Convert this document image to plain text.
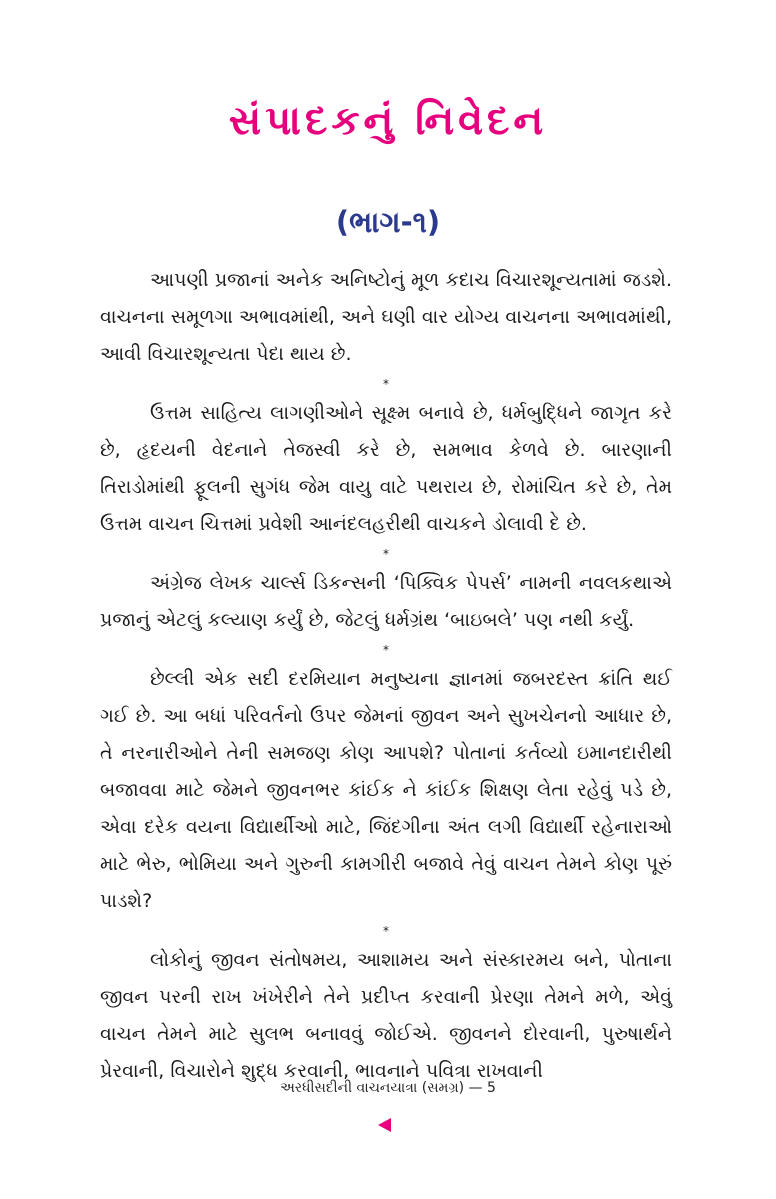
સંપાદકનું નિવેદન
(ભાગ-૧)

આપણી પ્રજાનાં અનેક અનિષ્ટોનું મૂળ કદાચ વિચારશૂન્યતામાં જડશે. વાચનના સમૂળગા અભાવમાંથી, અને ઘણી વાર યોગ્ય વાચનના અભાવમાંથી, આવી વિચારશૂન્યતા પેદા થાય છે.

*

ઉત્તમ સાહિત્ય લાગણીઓને સૂક્ષ્મ બનાવે છે, ધર્મબુદ્ધિને જાગૃત કરે છે, હૃદયની વેદનાને તેજસ્વી કરે છે, સમભાવ કેળવે છે. બારણાની તિરાડોમાંથી ફૂલની સુગંધ જેમ વાયુ વાટે પથરાય છે, રોમાંચિત કરે છે, તેમ ઉત્તમ વાચન ચિત્તમાં પ્રવેશી આનંદલહરીથી વાચકને ડોલાવી દે છે.

*

અંગ્રેજ લેખક ચાર્લ્સ ડિકન્સની ‘પિક્વિક પેપર્સ’ નામની નવલકથાએ પ્રજાનું એટલું કલ્યાણ કર્યું છે, જેટલું ધર્મગ્રંથ ‘બાઇબલે’ પણ નથી કર્યું.

*

છેલ્લી એક સદી દરમિયાન મનુષ્યના જ્ઞાનમાં જબરદસ્ત ક્રાંતિ થઈ ગઈ છે. આ બધાં પરિવર્તનો ઉપર જેમનાં જીવન અને સુખચેનનો આધાર છે, તે નરનારીઓને તેની સમજણ કોણ આપશે? પોતાનાં કર્તવ્યો ઇમાનદારીથી બજાવવા માટે જેમને જીવનભર કાંઈક ને કાંઈક શિક્ષણ લેતા રહેવું પડે છે, એવા દરેક વયના વિદ્યાર્થીઓ માટે, જિંદગીના અંત લગી વિદ્યાર્થી રહેનારાઓ માટે ભેરુ, ભોમિયા અને ગુરુની કામગીરી બજાવે તેવું વાચન તેમને કોણ પૂરું પાડશે?

*

લોકોનું જીવન સંતોષમય, આશામય અને સંસ્કારમય બને, પોતાના જીવન પરની રાખ ખંખેરીને તેને પ્રદીપ્ત કરવાની પ્રેરણા તેમને મળે, એવું વાચન તેમને માટે સુલભ બનાવવું જોઈએ. જીવનને દોરવાની, પુરુષાર્થને પ્રેરવાની, વિચારોને શુદ્ધ કરવાની, ભાવનાને પવિત્રા રાખવાની

અરધીસદીની વાચનયાત્રા (સમગ્ર) — 5
